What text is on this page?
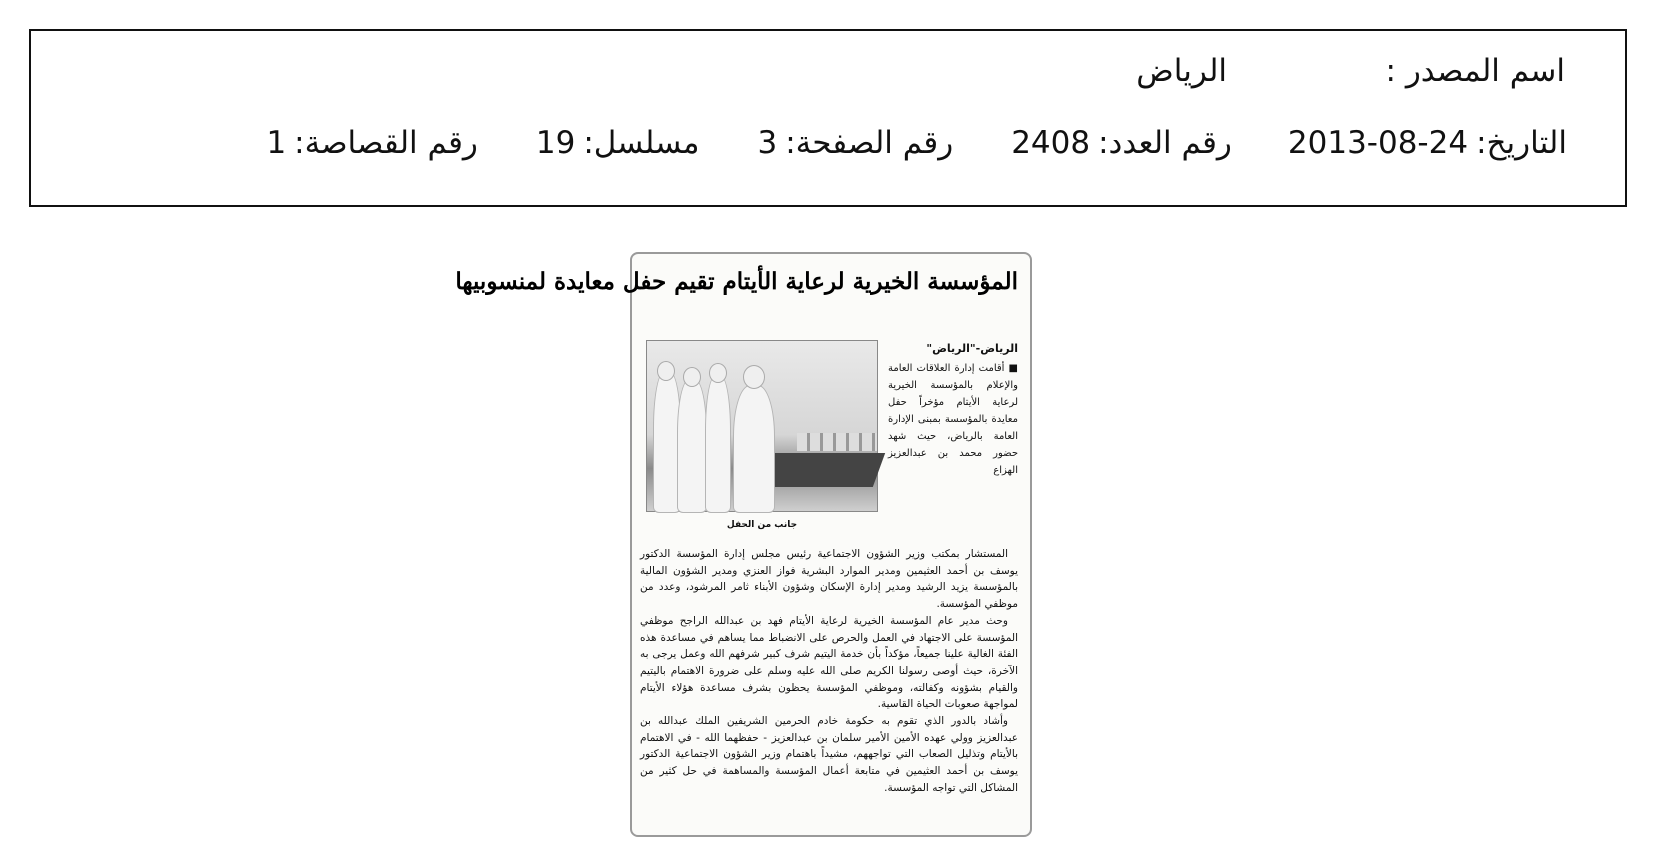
اسم المصدر :
الرياض
التاريخ:
2013-08-24
رقم العدد:
2408
رقم الصفحة:
3
مسلسل:
19
رقم القصاصة:
1
المؤسسة الخيرية لرعاية الأيتام تقيم حفل معايدة لمنسوبيها
جانب من الحفل
الرياض-"الرياض"
■ أقامت إدارة العلاقات العامة والإعلام بالمؤسسة الخيرية لرعاية الأيتام مؤخراً حفل معايدة بالمؤسسة بمبنى الإدارة العامة بالرياض، حيث شهد حضور محمد بن عبدالعزيز الهزاع

المستشار بمكتب وزير الشؤون الاجتماعية رئيس مجلس إدارة المؤسسة الدكتور يوسف بن أحمد العثيمين ومدير الموارد البشرية فواز العنزي ومدير الشؤون المالية بالمؤسسة يزيد الرشيد ومدير إدارة الإسكان وشؤون الأبناء ثامر المرشود، وعدد من موظفي المؤسسة.

وحث مدير عام المؤسسة الخيرية لرعاية الأيتام فهد بن عبدالله الراجح موظفي المؤسسة على الاجتهاد في العمل والحرص على الانضباط مما يساهم في مساعدة هذه الفئة الغالية علينا جميعاً، مؤكداً بأن خدمة اليتيم شرف كبير شرفهم الله وعمل يرجى به الآخرة، حيث أوصى رسولنا الكريم صلى الله عليه وسلم على ضرورة الاهتمام باليتيم والقيام بشؤونه وكفالته، وموظفي المؤسسة يحظون بشرف مساعدة هؤلاء الأيتام لمواجهة صعوبات الحياة القاسية.

وأشاد بالدور الذي تقوم به حكومة خادم الحرمين الشريفين الملك عبدالله بن عبدالعزيز وولي عهده الأمين الأمير سلمان بن عبدالعزيز - حفظهما الله - في الاهتمام بالأيتام وتذليل الصعاب التي تواجههم، مشيداً باهتمام وزير الشؤون الاجتماعية الدكتور يوسف بن أحمد العثيمين في متابعة أعمال المؤسسة والمساهمة في حل كثير من المشاكل التي تواجه المؤسسة.
